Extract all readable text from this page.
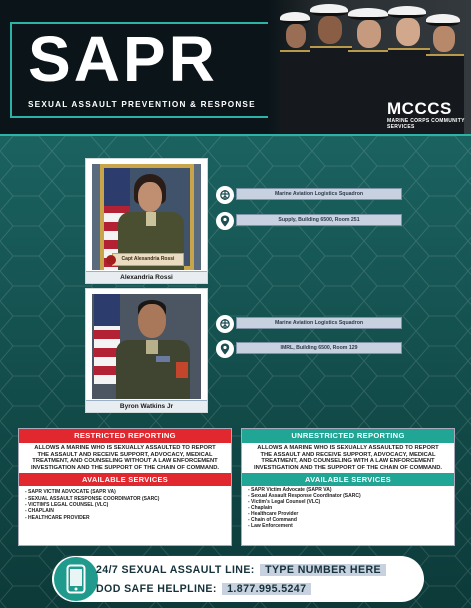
SAPR
SEXUAL ASSAULT PREVENTION & RESPONSE	MCCCS
MARINE CORPS COMMUNITY SERVICES
Capt Alexandria Rossi
Alexandria Rossi
Marine Aviation Logistics Squadron
Supply, Building 6500, Room 251
Byron Watkins Jr
Marine Aviation Logistics Squadron
IMRL, Building 6500, Room 129
RESTRICTED REPORTING
ALLOWS A MARINE WHO IS SEXUALLY ASSAULTED TO REPORT THE ASSAULT AND RECEIVE SUPPORT, ADVOCACY, MEDICAL TREATMENT, AND COUNSELING WITHOUT A LAW ENFORCEMENT INVESTIGATION AND THE SUPPORT OF THE CHAIN OF COMMAND.
AVAILABLE SERVICES
- SAPR VICTIM ADVOCATE (SAPR VA)
- SEXUAL ASSAULT RESPONSE COORDINATOR (SARC)
- VICTIM'S LEGAL COUNSEL (VLC)
- CHAPLAIN
- HEALTHCARE PROVIDER
UNRESTRICTED REPORTING
ALLOWS A MARINE WHO IS SEXUALLY ASSAULTED TO REPORT THE ASSAULT AND RECEIVE SUPPORT, ADVOCACY, MEDICAL TREATMENT, AND COUNSELING WITH A LAW ENFORCEMENT INVESTIGATION AND THE SUPPORT OF THE CHAIN OF COMMAND.
AVAILABLE SERVICES
- SAPR Victim Advocate (SAPR VA)
- Sexual Assault Response Coordinator (SARC)
- Victim's Legal Counsel (VLC)
- Chaplain
- Healthcare Provider
- Chain of Command
- Law Enforcement
24/7 SEXUAL ASSAULT LINE: TYPE NUMBER HERE
DOD SAFE HELPLINE: 1.877.995.5247
